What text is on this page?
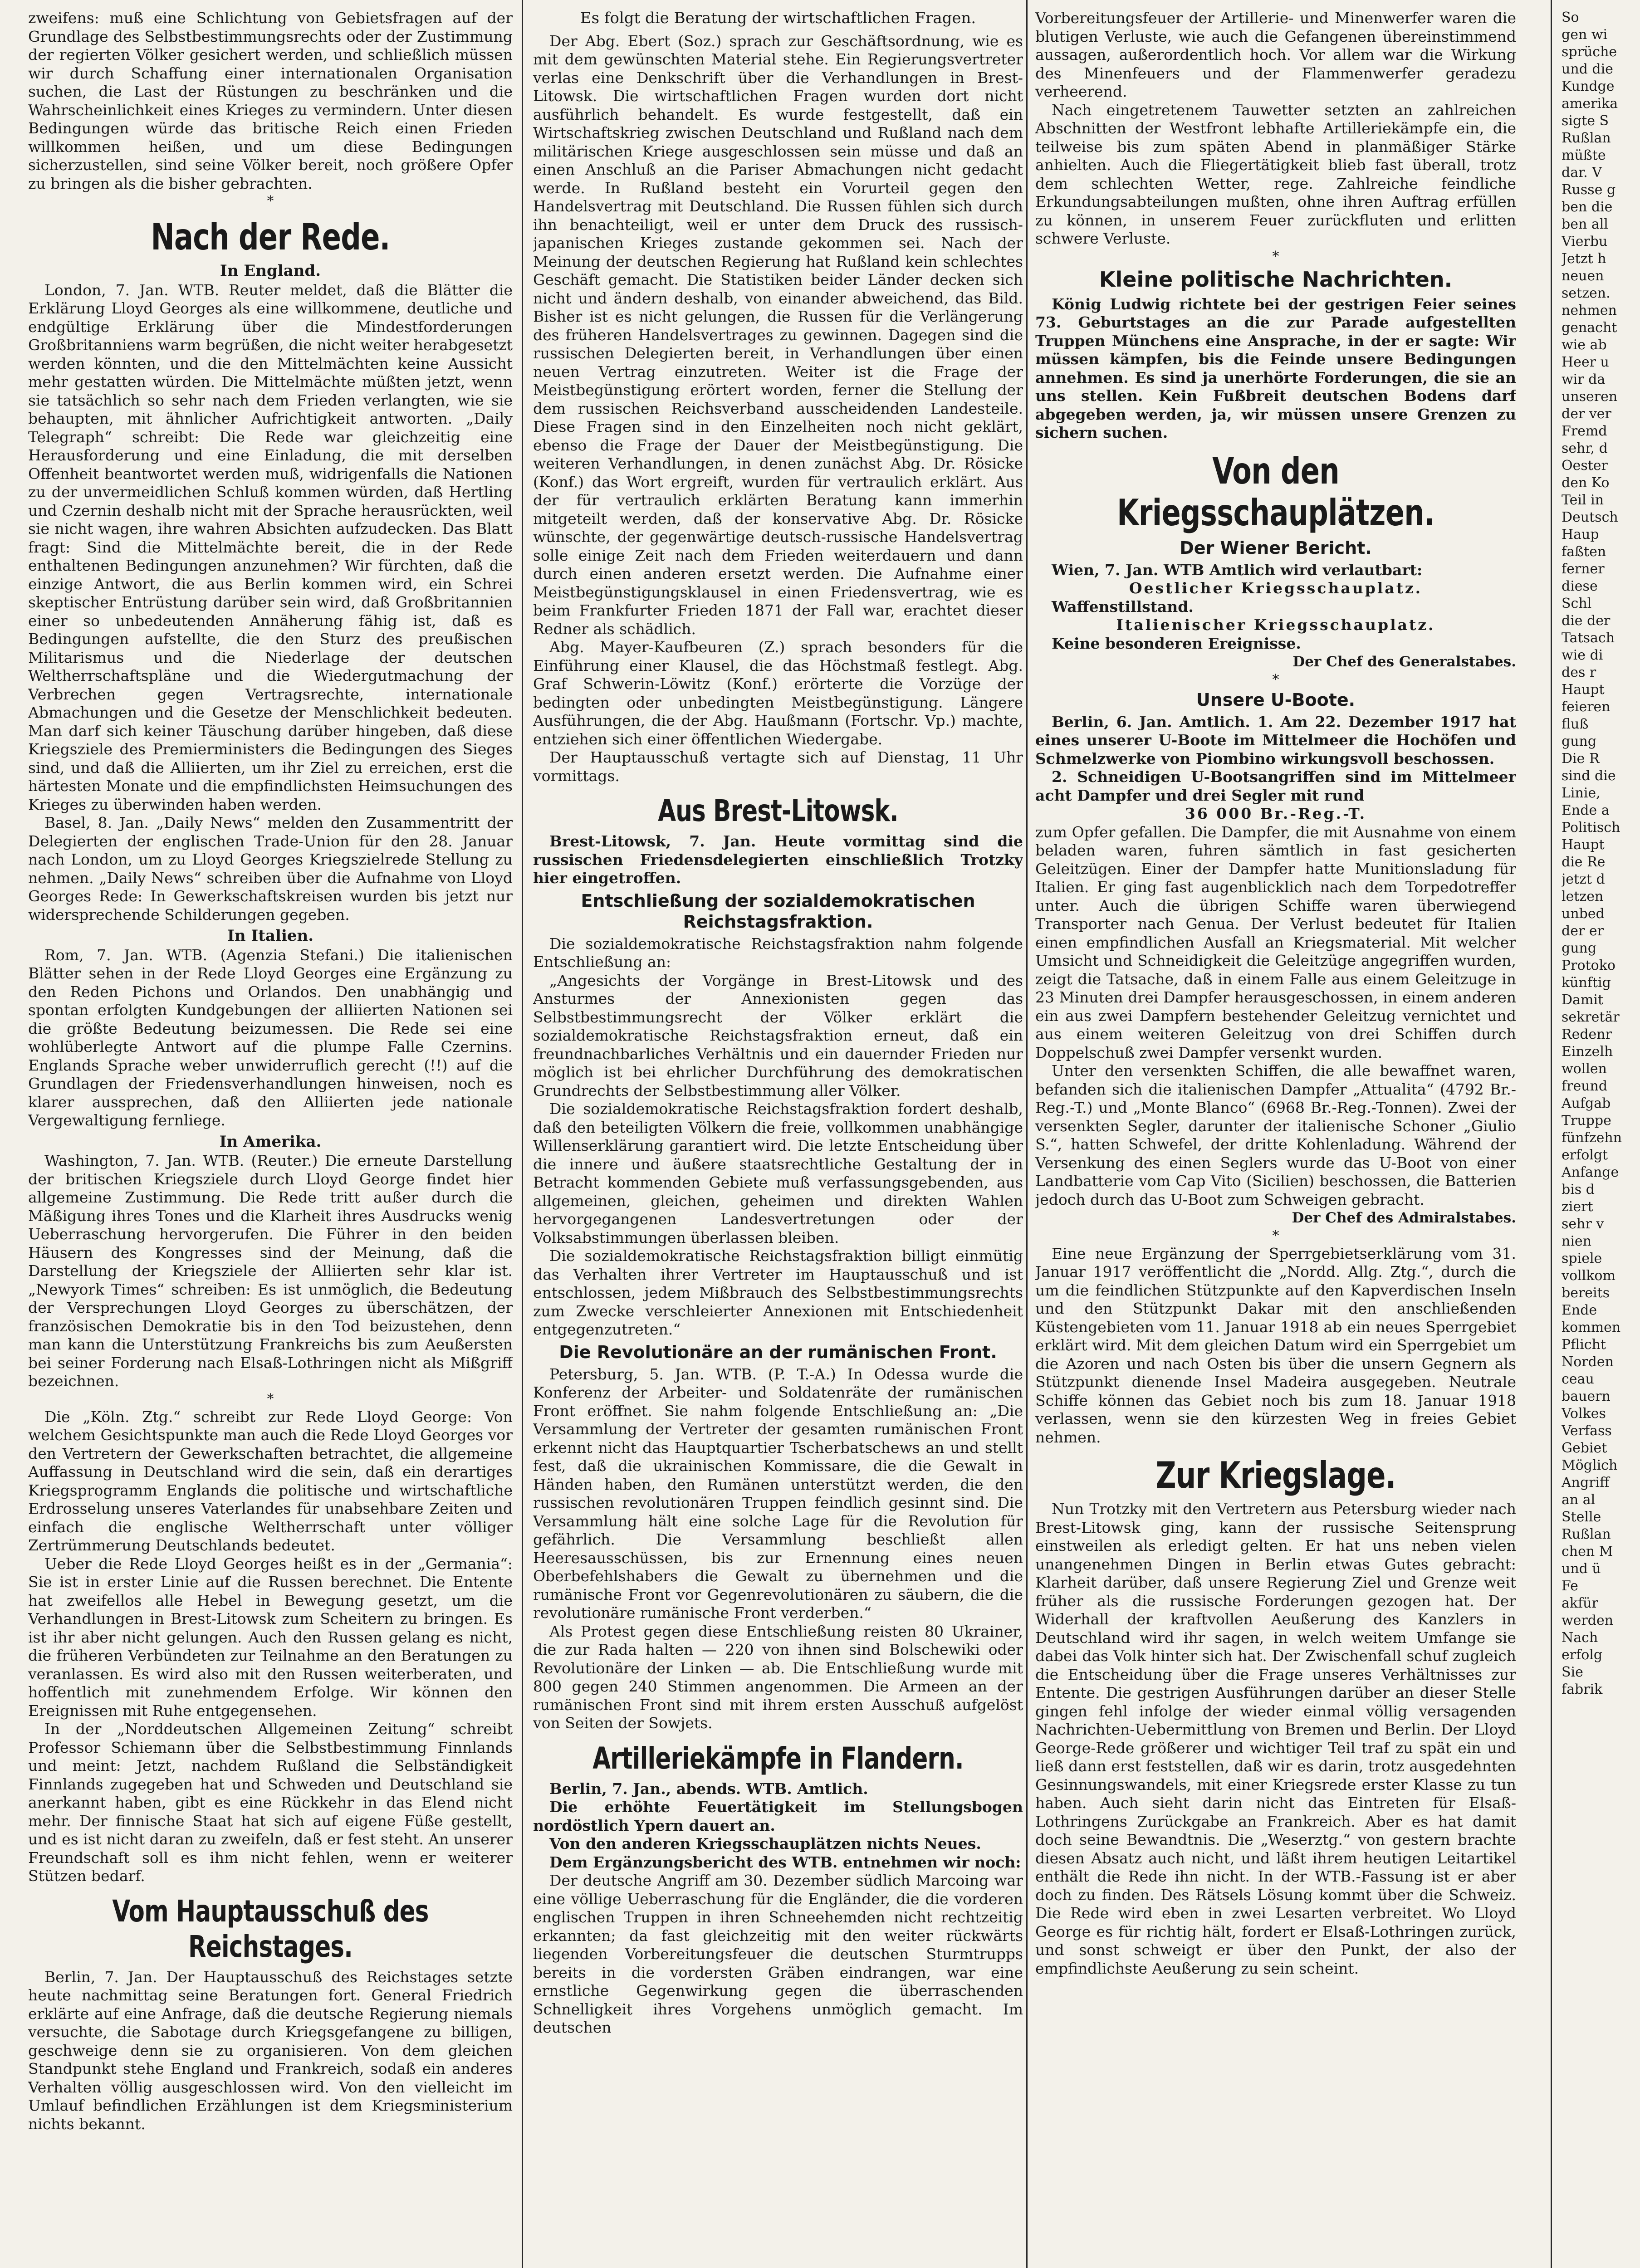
zweifens: muß eine Schlichtung von Gebietsfragen auf der Grundlage des Selbstbestimmungsrechts oder der Zustimmung der regierten Völker gesichert werden, und schließlich müssen wir durch Schaffung einer internationalen Organisation suchen, die Last der Rüstungen zu beschränken und die Wahrscheinlichkeit eines Krieges zu vermindern. Unter diesen Bedingungen würde das britische Reich einen Frieden willkommen heißen, und um diese Bedingungen sicherzustellen, sind seine Völker bereit, noch größere Opfer zu bringen als die bisher gebrachten.

*
Nach der Rede.
In England.

London, 7. Jan. WTB. Reuter meldet, daß die Blätter die Erklärung Lloyd Georges als eine willkommene, deutliche und endgültige Erklärung über die Mindestforderungen Großbritanniens warm begrüßen, die nicht weiter herabgesetzt werden könnten, und die den Mittelmächten keine Aussicht mehr gestatten würden. Die Mittelmächte müßten jetzt, wenn sie tatsächlich so sehr nach dem Frieden verlangten, wie sie behaupten, mit ähnlicher Aufrichtigkeit antworten. „Daily Telegraph“ schreibt: Die Rede war gleichzeitig eine Herausforderung und eine Einladung, die mit derselben Offenheit beantwortet werden muß, widrigenfalls die Nationen zu der unvermeidlichen Schluß kommen würden, daß Hertling und Czernin deshalb nicht mit der Sprache herausrückten, weil sie nicht wagen, ihre wahren Absichten aufzudecken. Das Blatt fragt: Sind die Mittelmächte bereit, die in der Rede enthaltenen Bedingungen anzunehmen? Wir fürchten, daß die einzige Antwort, die aus Berlin kommen wird, ein Schrei skeptischer Entrüstung darüber sein wird, daß Großbritannien einer so unbedeutenden Annäherung fähig ist, daß es Bedingungen aufstellte, die den Sturz des preußischen Militarismus und die Niederlage der deutschen Weltherrschaftspläne und die Wiedergutmachung der Verbrechen gegen Vertragsrechte, internationale Abmachungen und die Gesetze der Menschlichkeit bedeuten. Man darf sich keiner Täuschung darüber hingeben, daß diese Kriegsziele des Premierministers die Bedingungen des Sieges sind, und daß die Alliierten, um ihr Ziel zu erreichen, erst die härtesten Monate und die empfindlichsten Heimsuchungen des Krieges zu überwinden haben werden.

Basel, 8. Jan. „Daily News“ melden den Zusammentritt der Delegierten der englischen Trade-Union für den 28. Januar nach London, um zu Lloyd Georges Kriegszielrede Stellung zu nehmen. „Daily News“ schreiben über die Aufnahme von Lloyd Georges Rede: In Gewerkschaftskreisen wurden bis jetzt nur widersprechende Schilderungen gegeben.

In Italien.

Rom, 7. Jan. WTB. (Agenzia Stefani.) Die italienischen Blätter sehen in der Rede Lloyd Georges eine Ergänzung zu den Reden Pichons und Orlandos. Den unabhängig und spontan erfolgten Kundgebungen der alliierten Nationen sei die größte Bedeutung beizumessen. Die Rede sei eine wohlüberlegte Antwort auf die plumpe Falle Czernins. Englands Sprache weber unwiderruflich gerecht (!!) auf die Grundlagen der Friedensverhandlungen hinweisen, noch es klarer aussprechen, daß den Alliierten jede nationale Vergewaltigung fernliege.

In Amerika.

Washington, 7. Jan. WTB. (Reuter.) Die erneute Darstellung der britischen Kriegsziele durch Lloyd George findet hier allgemeine Zustimmung. Die Rede tritt außer durch die Mäßigung ihres Tones und die Klarheit ihres Ausdrucks wenig Ueberraschung hervorgerufen. Die Führer in den beiden Häusern des Kongresses sind der Meinung, daß die Darstellung der Kriegsziele der Alliierten sehr klar ist. „Newyork Times“ schreiben: Es ist unmöglich, die Bedeutung der Versprechungen Lloyd Georges zu überschätzen, der französischen Demokratie bis in den Tod beizustehen, denn man kann die Unterstützung Frankreichs bis zum Aeußersten bei seiner Forderung nach Elsaß-Lothringen nicht als Mißgriff bezeichnen.

*

Die „Köln. Ztg.“ schreibt zur Rede Lloyd George: Von welchem Gesichtspunkte man auch die Rede Lloyd Georges vor den Vertretern der Gewerkschaften betrachtet, die allgemeine Auffassung in Deutschland wird die sein, daß ein derartiges Kriegsprogramm Englands die politische und wirtschaftliche Erdrosselung unseres Vaterlandes für unabsehbare Zeiten und einfach die englische Weltherrschaft unter völliger Zertrümmerung Deutschlands bedeutet.

Ueber die Rede Lloyd Georges heißt es in der „Germania“: Sie ist in erster Linie auf die Russen berechnet. Die Entente hat zweifellos alle Hebel in Bewegung gesetzt, um die Verhandlungen in Brest-Litowsk zum Scheitern zu bringen. Es ist ihr aber nicht gelungen. Auch den Russen gelang es nicht, die früheren Verbündeten zur Teilnahme an den Beratungen zu veranlassen. Es wird also mit den Russen weiterberaten, und hoffentlich mit zunehmendem Erfolge. Wir können den Ereignissen mit Ruhe entgegensehen.

In der „Norddeutschen Allgemeinen Zeitung“ schreibt Professor Schiemann über die Selbstbestimmung Finnlands und meint: Jetzt, nachdem Rußland die Selbständigkeit Finnlands zugegeben hat und Schweden und Deutschland sie anerkannt haben, gibt es eine Rückkehr in das Elend nicht mehr. Der finnische Staat hat sich auf eigene Füße gestellt, und es ist nicht daran zu zweifeln, daß er fest steht. An unserer Freundschaft soll es ihm nicht fehlen, wenn er weiterer Stützen bedarf.

Vom Hauptausschuß des Reichstages.

Berlin, 7. Jan. Der Hauptausschuß des Reichstages setzte heute nachmittag seine Beratungen fort. General Friedrich erklärte auf eine Anfrage, daß die deutsche Regierung niemals versuchte, die Sabotage durch Kriegsgefangene zu billigen, geschweige denn sie zu organisieren. Von dem gleichen Standpunkt stehe England und Frankreich, sodaß ein anderes Verhalten völlig ausgeschlossen wird. Von den vielleicht im Umlauf befindlichen Erzählungen ist dem Kriegsministerium nichts bekannt.

Es folgt die Beratung der wirtschaftlichen Fragen.

Der Abg. Ebert (Soz.) sprach zur Geschäftsordnung, wie es mit dem gewünschten Material stehe. Ein Regierungsvertreter verlas eine Denkschrift über die Verhandlungen in Brest-Litowsk. Die wirtschaftlichen Fragen wurden dort nicht ausführlich behandelt. Es wurde festgestellt, daß ein Wirtschaftskrieg zwischen Deutschland und Rußland nach dem militärischen Kriege ausgeschlossen sein müsse und daß an einen Anschluß an die Pariser Abmachungen nicht gedacht werde. In Rußland besteht ein Vorurteil gegen den Handelsvertrag mit Deutschland. Die Russen fühlen sich durch ihn benachteiligt, weil er unter dem Druck des russisch-japanischen Krieges zustande gekommen sei. Nach der Meinung der deutschen Regierung hat Rußland kein schlechtes Geschäft gemacht. Die Statistiken beider Länder decken sich nicht und ändern deshalb, von einander abweichend, das Bild. Bisher ist es nicht gelungen, die Russen für die Verlängerung des früheren Handelsvertrages zu gewinnen. Dagegen sind die russischen Delegierten bereit, in Verhandlungen über einen neuen Vertrag einzutreten. Weiter ist die Frage der Meistbegünstigung erörtert worden, ferner die Stellung der dem russischen Reichsverband ausscheidenden Landesteile. Diese Fragen sind in den Einzelheiten noch nicht geklärt, ebenso die Frage der Dauer der Meistbegünstigung. Die weiteren Verhandlungen, in denen zunächst Abg. Dr. Rösicke (Konf.) das Wort ergreift, wurden für vertraulich erklärt. Aus der für vertraulich erklärten Beratung kann immerhin mitgeteilt werden, daß der konservative Abg. Dr. Rösicke wünschte, der gegenwärtige deutsch-russische Handelsvertrag solle einige Zeit nach dem Frieden weiterdauern und dann durch einen anderen ersetzt werden. Die Aufnahme einer Meistbegünstigungsklausel in einen Friedensvertrag, wie es beim Frankfurter Frieden 1871 der Fall war, erachtet dieser Redner als schädlich.

Abg. Mayer-Kaufbeuren (Z.) sprach besonders für die Einführung einer Klausel, die das Höchstmaß festlegt. Abg. Graf Schwerin-Löwitz (Konf.) erörterte die Vorzüge der bedingten oder unbedingten Meistbegünstigung. Längere Ausführungen, die der Abg. Haußmann (Fortschr. Vp.) machte, entziehen sich einer öffentlichen Wiedergabe.

Der Hauptausschuß vertagte sich auf Dienstag, 11 Uhr vormittags.

Aus Brest-Litowsk.

Brest-Litowsk, 7. Jan. Heute vormittag sind die russischen Friedensdelegierten einschließlich Trotzky hier eingetroffen.

Entschließung der sozialdemokratischen Reichstagsfraktion.

Die sozialdemokratische Reichstagsfraktion nahm folgende Entschließung an:

„Angesichts der Vorgänge in Brest-Litowsk und des Ansturmes der Annexionisten gegen das Selbstbestimmungsrecht der Völker erklärt die sozialdemokratische Reichstagsfraktion erneut, daß ein freundnachbarliches Verhältnis und ein dauernder Frieden nur möglich ist bei ehrlicher Durchführung des demokratischen Grundrechts der Selbstbestimmung aller Völker.

Die sozialdemokratische Reichstagsfraktion fordert deshalb, daß den beteiligten Völkern die freie, vollkommen unabhängige Willenserklärung garantiert wird. Die letzte Entscheidung über die innere und äußere staatsrechtliche Gestaltung der in Betracht kommenden Gebiete muß verfassungsgebenden, aus allgemeinen, gleichen, geheimen und direkten Wahlen hervorgegangenen Landesvertretungen oder der Volksabstimmungen überlassen bleiben.

Die sozialdemokratische Reichstagsfraktion billigt einmütig das Verhalten ihrer Vertreter im Hauptausschuß und ist entschlossen, jedem Mißbrauch des Selbstbestimmungsrechts zum Zwecke verschleierter Annexionen mit Entschiedenheit entgegenzutreten.“

Die Revolutionäre an der rumänischen Front.

Petersburg, 5. Jan. WTB. (P. T.-A.) In Odessa wurde die Konferenz der Arbeiter- und Soldatenräte der rumänischen Front eröffnet. Sie nahm folgende Entschließung an: „Die Versammlung der Vertreter der gesamten rumänischen Front erkennt nicht das Hauptquartier Tscherbatschews an und stellt fest, daß die ukrainischen Kommissare, die die Gewalt in Händen haben, den Rumänen unterstützt werden, die den russischen revolutionären Truppen feindlich gesinnt sind. Die Versammlung hält eine solche Lage für die Revolution für gefährlich. Die Versammlung beschließt allen Heeresausschüssen, bis zur Ernennung eines neuen Oberbefehlshabers die Gewalt zu übernehmen und die rumänische Front vor Gegenrevolutionären zu säubern, die die revolutionäre rumänische Front verderben.“

Als Protest gegen diese Entschließung reisten 80 Ukrainer, die zur Rada halten — 220 von ihnen sind Bolschewiki oder Revolutionäre der Linken — ab. Die Entschließung wurde mit 800 gegen 240 Stimmen angenommen. Die Armeen an der rumänischen Front sind mit ihrem ersten Ausschuß aufgelöst von Seiten der Sowjets.

Artilleriekämpfe in Flandern.

Berlin, 7. Jan., abends. WTB. Amtlich.

Die erhöhte Feuertätigkeit im Stellungsbogen nordöstlich Ypern dauert an.

Von den anderen Kriegsschauplätzen nichts Neues.

Dem Ergänzungsbericht des WTB. entnehmen wir noch:

Der deutsche Angriff am 30. Dezember südlich Marcoing war eine völlige Ueberraschung für die Engländer, die die vorderen englischen Truppen in ihren Schneehemden nicht rechtzeitig erkannten; da fast gleichzeitig mit den weiter rückwärts liegenden Vorbereitungsfeuer die deutschen Sturmtrupps bereits in die vordersten Gräben eindrangen, war eine ernstliche Gegenwirkung gegen die überraschenden Schnelligkeit ihres Vorgehens unmöglich gemacht. Im deutschen

Vorbereitungsfeuer der Artillerie- und Minenwerfer waren die blutigen Verluste, wie auch die Gefangenen übereinstimmend aussagen, außerordentlich hoch. Vor allem war die Wirkung des Minenfeuers und der Flammenwerfer geradezu verheerend.

Nach eingetretenem Tauwetter setzten an zahlreichen Abschnitten der Westfront lebhafte Artilleriekämpfe ein, die teilweise bis zum späten Abend in planmäßiger Stärke anhielten. Auch die Fliegertätigkeit blieb fast überall, trotz dem schlechten Wetter, rege. Zahlreiche feindliche Erkundungsabteilungen mußten, ohne ihren Auftrag erfüllen zu können, in unserem Feuer zurückfluten und erlitten schwere Verluste.

*
Kleine politische Nachrichten.

König Ludwig richtete bei der gestrigen Feier seines 73. Geburtstages an die zur Parade aufgestellten Truppen Münchens eine Ansprache, in der er sagte: Wir müssen kämpfen, bis die Feinde unsere Bedingungen annehmen. Es sind ja unerhörte Forderungen, die sie an uns stellen. Kein Fußbreit deutschen Bodens darf abgegeben werden, ja, wir müssen unsere Grenzen zu sichern suchen.

Von den Kriegsschauplätzen.
Der Wiener Bericht.

Wien, 7. Jan. WTB Amtlich wird verlautbart:

Oestlicher Kriegsschauplatz.

Waffenstillstand.

Italienischer Kriegsschauplatz.

Keine besonderen Ereignisse.

Der Chef des Generalstabes.
*
Unsere U-Boote.

Berlin, 6. Jan. Amtlich. 1. Am 22. Dezember 1917 hat eines unserer U-Boote im Mittelmeer die Hochöfen und Schmelzwerke von Piombino wirkungsvoll beschossen.

2. Schneidigen U-Bootsangriffen sind im Mittelmeer acht Dampfer und drei Segler mit rund

36 000 Br.-Reg.-T.

zum Opfer gefallen. Die Dampfer, die mit Ausnahme von einem beladen waren, fuhren sämtlich in fast gesicherten Geleitzügen. Einer der Dampfer hatte Munitionsladung für Italien. Er ging fast augenblicklich nach dem Torpedotreffer unter. Auch die übrigen Schiffe waren überwiegend Transporter nach Genua. Der Verlust bedeutet für Italien einen empfindlichen Ausfall an Kriegsmaterial. Mit welcher Umsicht und Schneidigkeit die Geleitzüge angegriffen wurden, zeigt die Tatsache, daß in einem Falle aus einem Geleitzuge in 23 Minuten drei Dampfer herausgeschossen, in einem anderen ein aus zwei Dampfern bestehender Geleitzug vernichtet und aus einem weiteren Geleitzug von drei Schiffen durch Doppelschuß zwei Dampfer versenkt wurden.

Unter den versenkten Schiffen, die alle bewaffnet waren, befanden sich die italienischen Dampfer „Attualita“ (4792 Br.-Reg.-T.) und „Monte Blanco“ (6968 Br.-Reg.-Tonnen). Zwei der versenkten Segler, darunter der italienische Schoner „Giulio S.“, hatten Schwefel, der dritte Kohlenladung. Während der Versenkung des einen Seglers wurde das U-Boot von einer Landbatterie vom Cap Vito (Sicilien) beschossen, die Batterien jedoch durch das U-Boot zum Schweigen gebracht.

Der Chef des Admiralstabes.
*

Eine neue Ergänzung der Sperrgebietserklärung vom 31. Januar 1917 veröffentlicht die „Nordd. Allg. Ztg.“, durch die um die feindlichen Stützpunkte auf den Kapverdischen Inseln und den Stützpunkt Dakar mit den anschließenden Küstengebieten vom 11. Januar 1918 ab ein neues Sperrgebiet erklärt wird. Mit dem gleichen Datum wird ein Sperrgebiet um die Azoren und nach Osten bis über die unsern Gegnern als Stützpunkt dienende Insel Madeira ausgegeben. Neutrale Schiffe können das Gebiet noch bis zum 18. Januar 1918 verlassen, wenn sie den kürzesten Weg in freies Gebiet nehmen.

Zur Kriegslage.

Nun Trotzky mit den Vertretern aus Petersburg wieder nach Brest-Litowsk ging, kann der russische Seitensprung einstweilen als erledigt gelten. Er hat uns neben vielen unangenehmen Dingen in Berlin etwas Gutes gebracht: Klarheit darüber, daß unsere Regierung Ziel und Grenze weit früher als die russische Forderungen gezogen hat. Der Widerhall der kraftvollen Aeußerung des Kanzlers in Deutschland wird ihr sagen, in welch weitem Umfange sie dabei das Volk hinter sich hat. Der Zwischenfall schuf zugleich die Entscheidung über die Frage unseres Verhältnisses zur Entente. Die gestrigen Ausführungen darüber an dieser Stelle gingen fehl infolge der wieder einmal völlig versagenden Nachrichten-Uebermittlung von Bremen und Berlin. Der Lloyd George-Rede größerer und wichtiger Teil traf zu spät ein und ließ dann erst feststellen, daß wir es darin, trotz ausgedehnten Gesinnungswandels, mit einer Kriegsrede erster Klasse zu tun haben. Auch sieht darin nicht das Eintreten für Elsaß-Lothringens Zurückgabe an Frankreich. Aber es hat damit doch seine Bewandtnis. Die „Weserztg.“ von gestern brachte diesen Absatz auch nicht, und läßt ihrem heutigen Leitartikel enthält die Rede ihn nicht. In der WTB.-Fassung ist er aber doch zu finden. Des Rätsels Lösung kommt über die Schweiz. Die Rede wird eben in zwei Lesarten verbreitet. Wo Lloyd George es für richtig hält, fordert er Elsaß-Lothringen zurück, und sonst schweigt er über den Punkt, der also der empfindlichste Aeußerung zu sein scheint.

So

gen wi

sprüche

und die

Kundge

amerika

sigte S

Rußlan

müßte

dar. V

Russe g

ben die

ben all

Vierbu

Jetzt h

neuen

setzen.

nehmen

genacht

wie ab

Heer u

wir da

unseren

der ver

Fremd

sehr, d

Oester

den Ko

Teil in

Deutsch

Haup

faßten

ferner

diese

Schl

die der

Tatsach

wie di

des r

Haupt

feieren

fluß

gung

Die R

sind die

Linie,

Ende a

Politisch

Haupt

die Re

jetzt d

letzen

unbed

der er

gung

Protoko

künftig

Damit

sekretär

Redenr

Einzelh

wollen

freund

Aufgab

Truppe

fünfzehn

erfolgt

Anfange

bis d

ziert

sehr v

nien

spiele

vollkom

bereits

Ende

kommen

Pflicht

Norden

ceau

bauern

Volkes

Verfass

Gebiet

Möglich

Angriff

an al

Stelle

Rußlan

chen M

und ü

Fe

akfür

werden

Nach

erfolg

Sie

fabrik
